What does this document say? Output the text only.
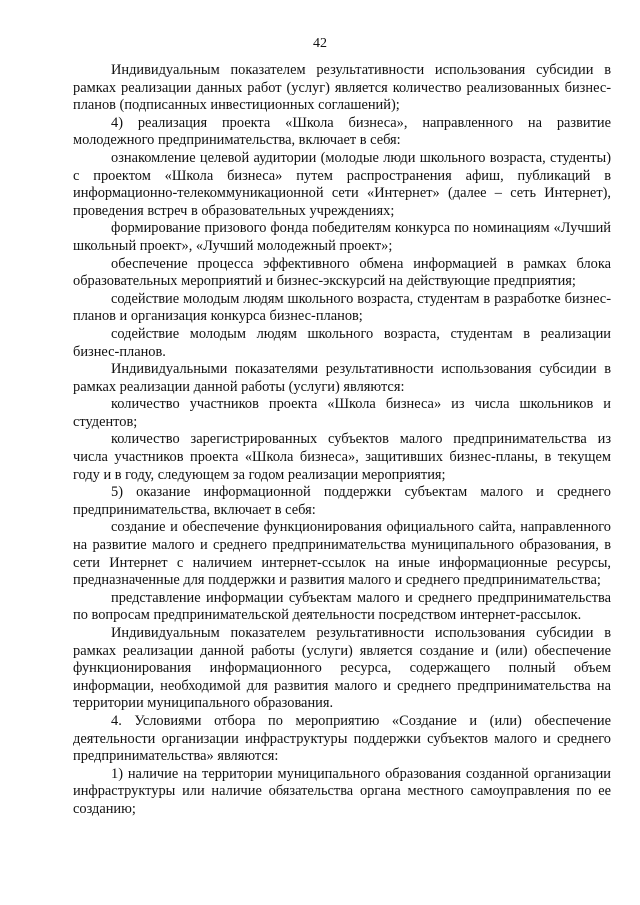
42

Индивидуальным показателем результативности использования субсидии в рамках реализации данных работ (услуг) является количество реализованных бизнес-планов (подписанных инвестиционных соглашений);

4) реализация проекта «Школа бизнеса», направленного на развитие молодежного предпринимательства, включает в себя:

ознакомление целевой аудитории (молодые люди школьного возраста, студенты) с проектом «Школа бизнеса» путем распространения афиш, публикаций в информационно-телекоммуникационной сети «Интернет» (далее – сеть Интернет), проведения встреч в образовательных учреждениях;

формирование призового фонда победителям конкурса по номинациям «Лучший школьный проект», «Лучший молодежный проект»;

обеспечение процесса эффективного обмена информацией в рамках блока образовательных мероприятий и бизнес-экскурсий на действующие предприятия;

содействие молодым людям школьного возраста, студентам в разработке бизнес-планов и организация конкурса бизнес-планов;

содействие молодым людям школьного возраста, студентам в реализации бизнес-планов.

Индивидуальными показателями результативности использования субсидии в рамках реализации данной работы (услуги) являются:

количество участников проекта «Школа бизнеса» из числа школьников и студентов;

количество зарегистрированных субъектов малого предпринимательства из числа участников проекта «Школа бизнеса», защитивших бизнес-планы, в текущем году и в году, следующем за годом реализации мероприятия;

5) оказание информационной поддержки субъектам малого и среднего предпринимательства, включает в себя:

создание и обеспечение функционирования официального сайта, направленного на развитие малого и среднего предпринимательства муниципального образования, в сети Интернет с наличием интернет-ссылок на иные информационные ресурсы, предназначенные для поддержки и развития малого и среднего предпринимательства;

представление информации субъектам малого и среднего предпринимательства по вопросам предпринимательской деятельности посредством интернет-рассылок.

Индивидуальным показателем результативности использования субсидии в рамках реализации данной работы (услуги) является создание и (или) обеспечение функционирования информационного ресурса, содержащего полный объем информации, необходимой для развития малого и среднего предпринимательства на территории муниципального образования.

4. Условиями отбора по мероприятию «Создание и (или) обеспечение деятельности организации инфраструктуры поддержки субъектов малого и среднего предпринимательства» являются:

1) наличие на территории муниципального образования созданной организации инфраструктуры или наличие обязательства органа местного самоуправления по ее созданию;
